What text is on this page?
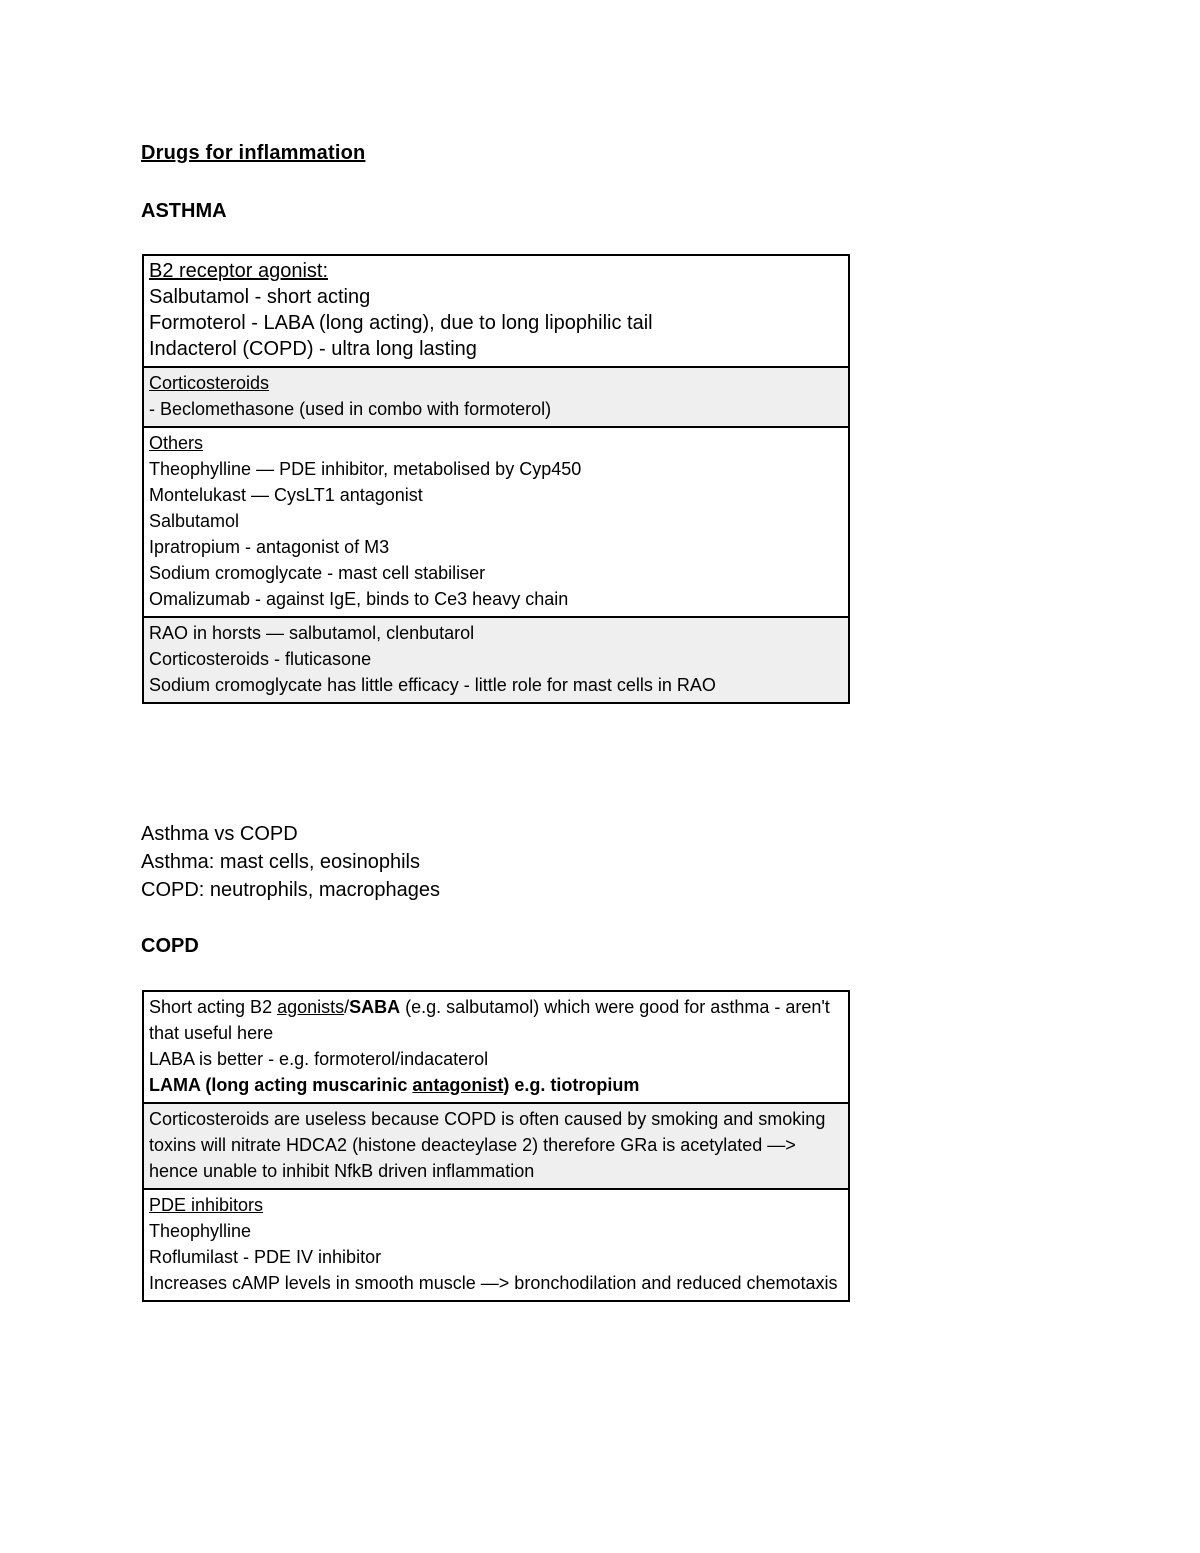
Drugs for inflammation
ASTHMA
B2 receptor agonist:
Salbutamol - short acting
Formoterol - LABA (long acting), due to long lipophilic tail
Indacterol (COPD) - ultra long lasting

Corticosteroids
- Beclomethasone (used in combo with formoterol)

Others
Theophylline — PDE inhibitor, metabolised by Cyp450
Montelukast — CysLT1 antagonist
Salbutamol
Ipratropium - antagonist of M3
Sodium cromoglycate - mast cell stabiliser
Omalizumab - against IgE, binds to Ce3 heavy chain

RAO in horsts — salbutamol, clenbutarol
Corticosteroids - fluticasone
Sodium cromoglycate has little efficacy - little role for mast cells in RAO
Asthma vs COPD
Asthma: mast cells, eosinophils
COPD: neutrophils, macrophages
COPD
Short acting B2 agonists/SABA (e.g. salbutamol) which were good for asthma - aren't that useful here
LABA is better - e.g. formoterol/indacaterol
LAMA (long acting muscarinic antagonist) e.g. tiotropium

Corticosteroids are useless because COPD is often caused by smoking and smoking toxins will nitrate HDCA2 (histone deacteylase 2) therefore GRa is acetylated —> hence unable to inhibit NfkB driven inflammation

PDE inhibitors
Theophylline
Roflumilast - PDE IV inhibitor
Increases cAMP levels in smooth muscle —> bronchodilation and reduced chemotaxis
